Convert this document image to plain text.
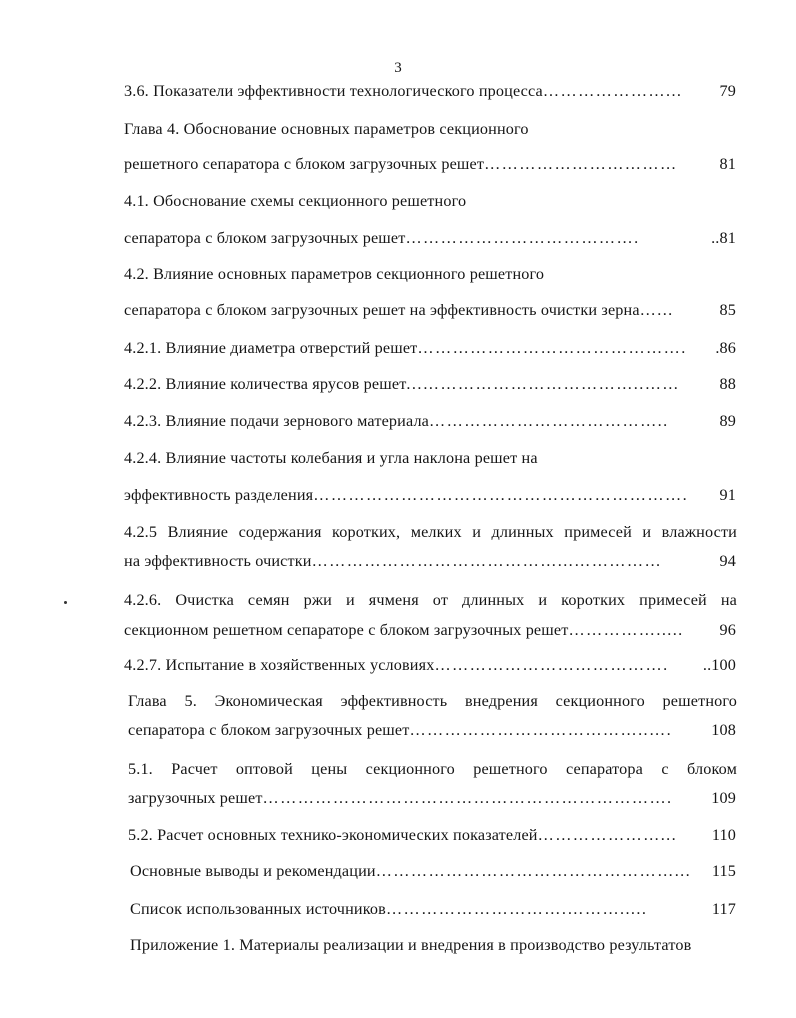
3
3.6. Показатели эффективности технологического процесса …………………...	79
Глава 4. Обоснование основных параметров секционного
решетного сепаратора с блоком загрузочных решет ……………………………	81
4.1. Обоснование схемы секционного решетного
сепаратора с блоком загрузочных решет ………………………………….	..81
4.2. Влияние основных параметров секционного решетного
сепаратора с блоком загрузочных решет на эффективность очистки зерна …...	85
4.2.1. Влияние диаметра отверстий решет ……………………………………….	.86
4.2.2. Влияние количества ярусов решет ...………………………………..……	88
4.2.3. Влияние подачи зернового материала …………………………………..	89
4.2.4. Влияние частоты колебания и угла наклона решет на
эффективность разделения ……………………………………………………….	91
4.2.5 Влияние содержания коротких, мелких и длинных примесей и влажности
на эффективность очистки ……………………………………...……………	94
4.2.6. Очистка семян ржи и ячменя от длинных и коротких примесей на
секционном решетном сепараторе с блоком загрузочных решет …………….....	96
4.2.7. Испытание в хозяйственных условиях ………………………………….	..100
Глава 5. Экономическая эффективность внедрения секционного решетного
сепаратора с блоком загрузочных решет …………………………………..….	108
5.1. Расчет оптовой цены секционного решетного сепаратора с блоком
загрузочных решет …………………………………………………………….	109
5.2. Расчет основных технико-экономических показателей …………………...	110
Основные выводы и рекомендации ……………………………………………...	115
Список использованных источников ………………………….……….....	117
Приложение 1. Материалы реализации и внедрения в производство результатов
